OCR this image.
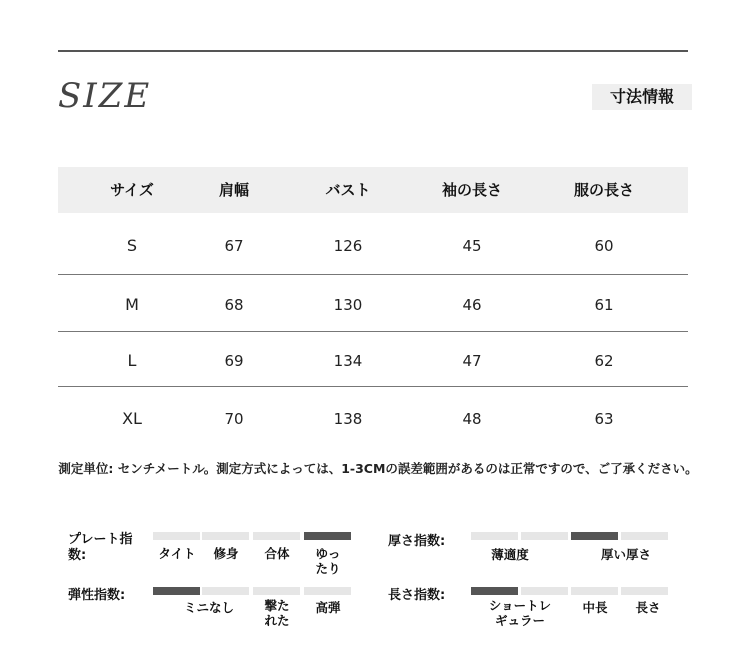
SIZE	寸法情報
サイズ	肩幅	バスト	袖の長さ	服の長さ
S	67	126	45	60
M	68	130	46	61
L	69	134	47	62
XL	70	138	48	63
測定単位: センチメートル。測定方式によっては、1-3CMの誤差範囲があるのは正常ですので、ご了承ください。
プレート指
数:	タイト	修身	合体	ゆっ
たり
弾性指数:
ミニなし	撃た
れた
高弾
厚さ指数:
薄適度	厚い厚さ
長さ指数:
ショートレ
ギュラー
中長	長さ
